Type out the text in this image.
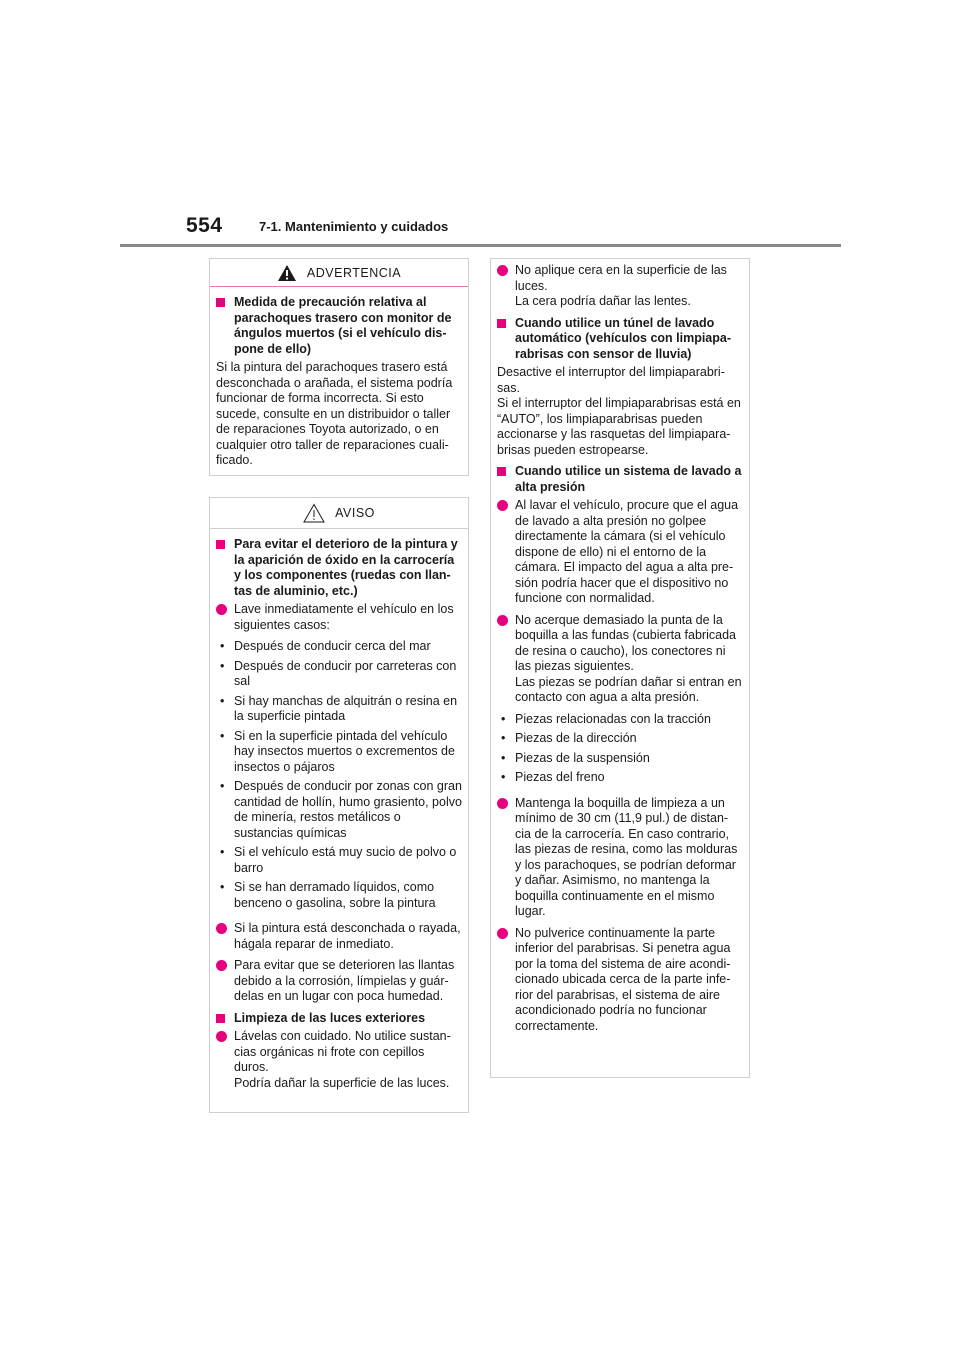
554	7-1. Mantenimiento y cuidados
ADVERTENCIA
Medida de precaución relativa al parachoques trasero con monitor de ángulos muertos (si el vehículo dis-pone de ello)
Si la pintura del parachoques trasero está desconchada o arañada, el sistema podría funcionar de forma incorrecta. Si esto sucede, consulte en un distribuidor o taller de reparaciones Toyota autorizado, o en cualquier otro taller de reparaciones cuali-ficado.
AVISO
Para evitar el deterioro de la pintura y la aparición de óxido en la carrocería y los componentes (ruedas con llan-tas de aluminio, etc.)
Lave inmediatamente el vehículo en los siguientes casos:
• Después de conducir cerca del mar
• Después de conducir por carreteras con sal
• Si hay manchas de alquitrán o resina en la superficie pintada
• Si en la superficie pintada del vehículo hay insectos muertos o excrementos de insectos o pájaros
• Después de conducir por zonas con gran cantidad de hollín, humo grasiento, polvo de minería, restos metálicos o sustancias químicas
• Si el vehículo está muy sucio de polvo o barro
• Si se han derramado líquidos, como benceno o gasolina, sobre la pintura
Si la pintura está desconchada o rayada, hágala reparar de inmediato.
Para evitar que se deterioren las llantas debido a la corrosión, límpielas y guár-delas en un lugar con poca humedad.
Limpieza de las luces exteriores
Lávelas con cuidado. No utilice sustan-cias orgánicas ni frote con cepillos duros.
Podría dañar la superficie de las luces.
No aplique cera en la superficie de las luces.
La cera podría dañar las lentes.
Cuando utilice un túnel de lavado automático (vehículos con limpiapa-rabrisas con sensor de lluvia)
Desactive el interruptor del limpiaparabri-sas.
Si el interruptor del limpiaparabrisas está en “AUTO”, los limpiaparabrisas pueden accionarse y las rasquetas del limpiapara-brisas pueden estropearse.
Cuando utilice un sistema de lavado a alta presión
Al lavar el vehículo, procure que el agua de lavado a alta presión no golpee directamente la cámara (si el vehículo dispone de ello) ni el entorno de la cámara. El impacto del agua a alta pre-sión podría hacer que el dispositivo no funcione con normalidad.
No acerque demasiado la punta de la boquilla a las fundas (cubierta fabricada de resina o caucho), los conectores ni las piezas siguientes.
Las piezas se podrían dañar si entran en contacto con agua a alta presión.
• Piezas relacionadas con la tracción
• Piezas de la dirección
• Piezas de la suspensión
• Piezas del freno
Mantenga la boquilla de limpieza a un mínimo de 30 cm (11,9 pul.) de distan-cia de la carrocería. En caso contrario, las piezas de resina, como las molduras y los parachoques, se podrían deformar y dañar. Asimismo, no mantenga la boquilla continuamente en el mismo lugar.
No pulverice continuamente la parte inferior del parabrisas. Si penetra agua por la toma del sistema de aire acondi-cionado ubicada cerca de la parte infe-rior del parabrisas, el sistema de aire acondicionado podría no funcionar correctamente.
